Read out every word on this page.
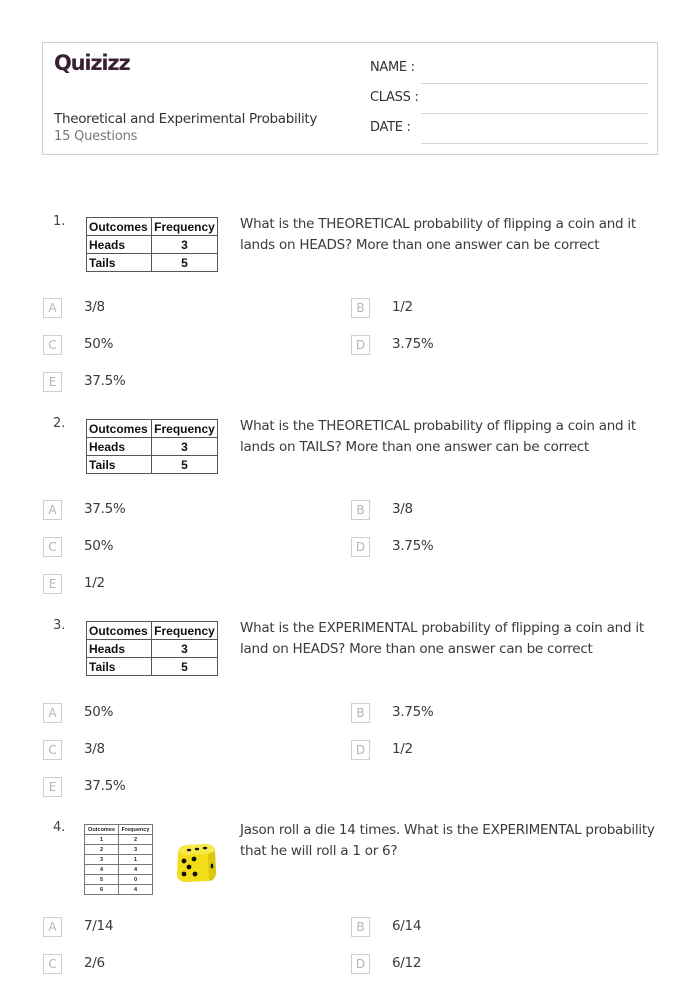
Quizizz
Theoretical and Experimental Probability
15 Questions
NAME :
CLASS :
DATE :
1. Outcomes	Frequency
Heads	3
Tails	5
What is the THEORETICAL probability of flipping a coin and it lands on HEADS? More than one answer can be correct
A	3/8	B	1/2
C	50%	D	3.75%
E	37.5%
2. Outcomes	Frequency
Heads	3
Tails	5
What is the THEORETICAL probability of flipping a coin and it lands on TAILS? More than one answer can be correct
A	37.5%	B	3/8
C	50%	D	3.75%
E	1/2
3. Outcomes	Frequency
Heads	3
Tails	5
What is the EXPERIMENTAL probability of flipping a coin and it land on HEADS? More than one answer can be correct
A	50%	B	3.75%
C	3/8	D	1/2
E	37.5%
4.	Outcomes	Frequency
1	2
2	3
3	1
4	4
5	0
6	4
Jason roll a die 14 times. What is the EXPERIMENTAL probability that he will roll a 1 or 6?
A	7/14	B	6/14
C	2/6	D	6/12
